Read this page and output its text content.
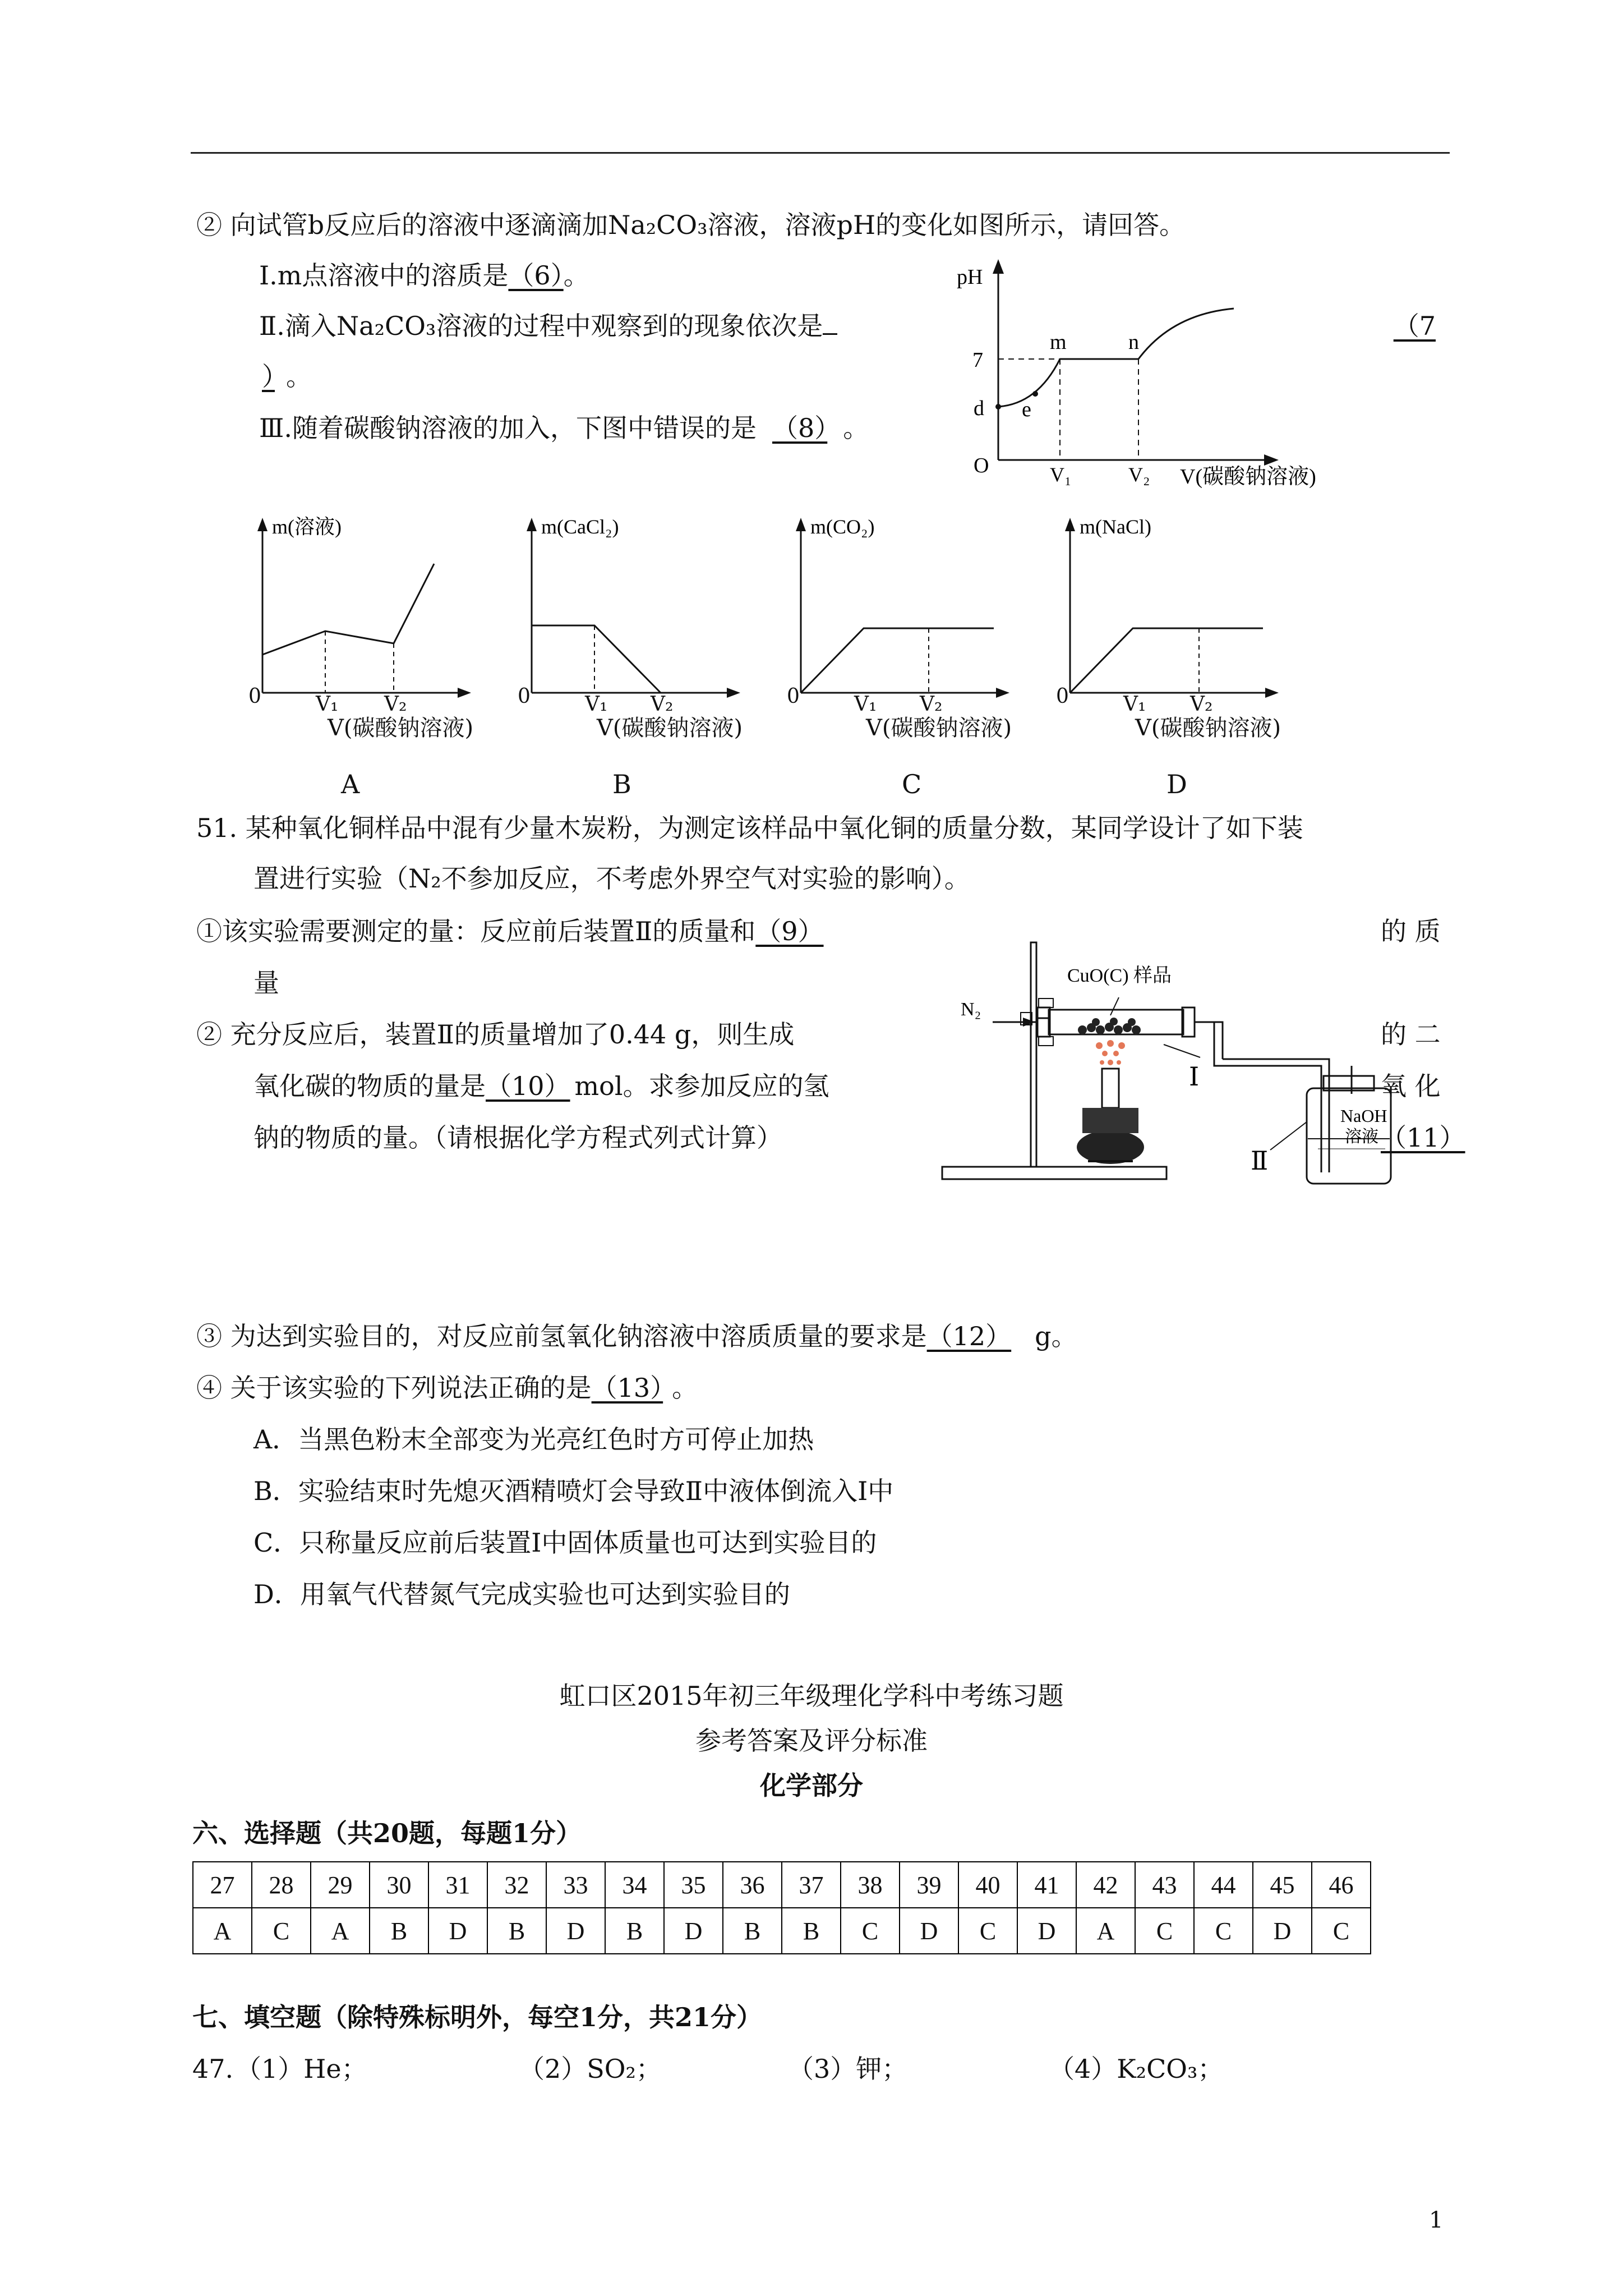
② 向试管b反应后的溶液中逐滴滴加Na₂CO₃溶液，溶液pH的变化如图所示，请回答。
Ⅰ.m点溶液中的溶质是（6）。
Ⅱ.滴入Na₂CO₃溶液的过程中观察到的现象依次是	（7
） 。
Ⅲ.随着碳酸钠溶液的加入，下图中错误的是 （8） 。
pH
7
O
d e
m	n
V₁	V₂ V(碳酸钠溶液)
m(溶液)
0	V₁ V₂
V(碳酸钠溶液)
A
m(CaCl₂)
0	V₁ V₂
V(碳酸钠溶液)
B
m(CO₂)
0	V₁ V₂
V(碳酸钠溶液)
C
m(NaCl)
0	V₁ V₂
V(碳酸钠溶液)
D
51. 某种氧化铜样品中混有少量木炭粉，为测定该样品中氧化铜的质量分数，某同学设计了如下装
置进行实验（N₂不参加反应，不考虑外界空气对实验的影响）。
①该实验需要测定的量：反应前后装置Ⅱ的质量和（9）	的 质
量
② 充分反应后，装置Ⅱ的质量增加了0.44 g，则生成	的 二
氧化碳的物质的量是（10） mol。求参加反应的氢	氧 化
钠的物质的量。（请根据化学方程式列式计算）	（11）
N₂
CuO(C) 样品
Ⅰ
Ⅱ
NaOH
溶液
③ 为达到实验目的，对反应前氢氧化钠溶液中溶质质量的要求是（12） g。
④ 关于该实验的下列说法正确的是（13） 。
A．当黑色粉末全部变为光亮红色时方可停止加热
B．实验结束时先熄灭酒精喷灯会导致Ⅱ中液体倒流入Ⅰ中
C．只称量反应前后装置Ⅰ中固体质量也可达到实验目的
D．用氧气代替氮气完成实验也可达到实验目的
虹口区2015年初三年级理化学科中考练习题
参考答案及评分标准
化学部分
六、选择题（共20题，每题1分）
27	28	29	30	31	32	33	34	35	36	37	38	39	40	41	42	43	44	45	46
A	C	A	B	D	B	D	B	D	B	B	C	D	C	D	A	C	C	D	C
七、填空题（除特殊标明外，每空1分，共21分）
47. （1）He；	（2）SO₂；	（3）钾；	（4）K₂CO₃；
1
